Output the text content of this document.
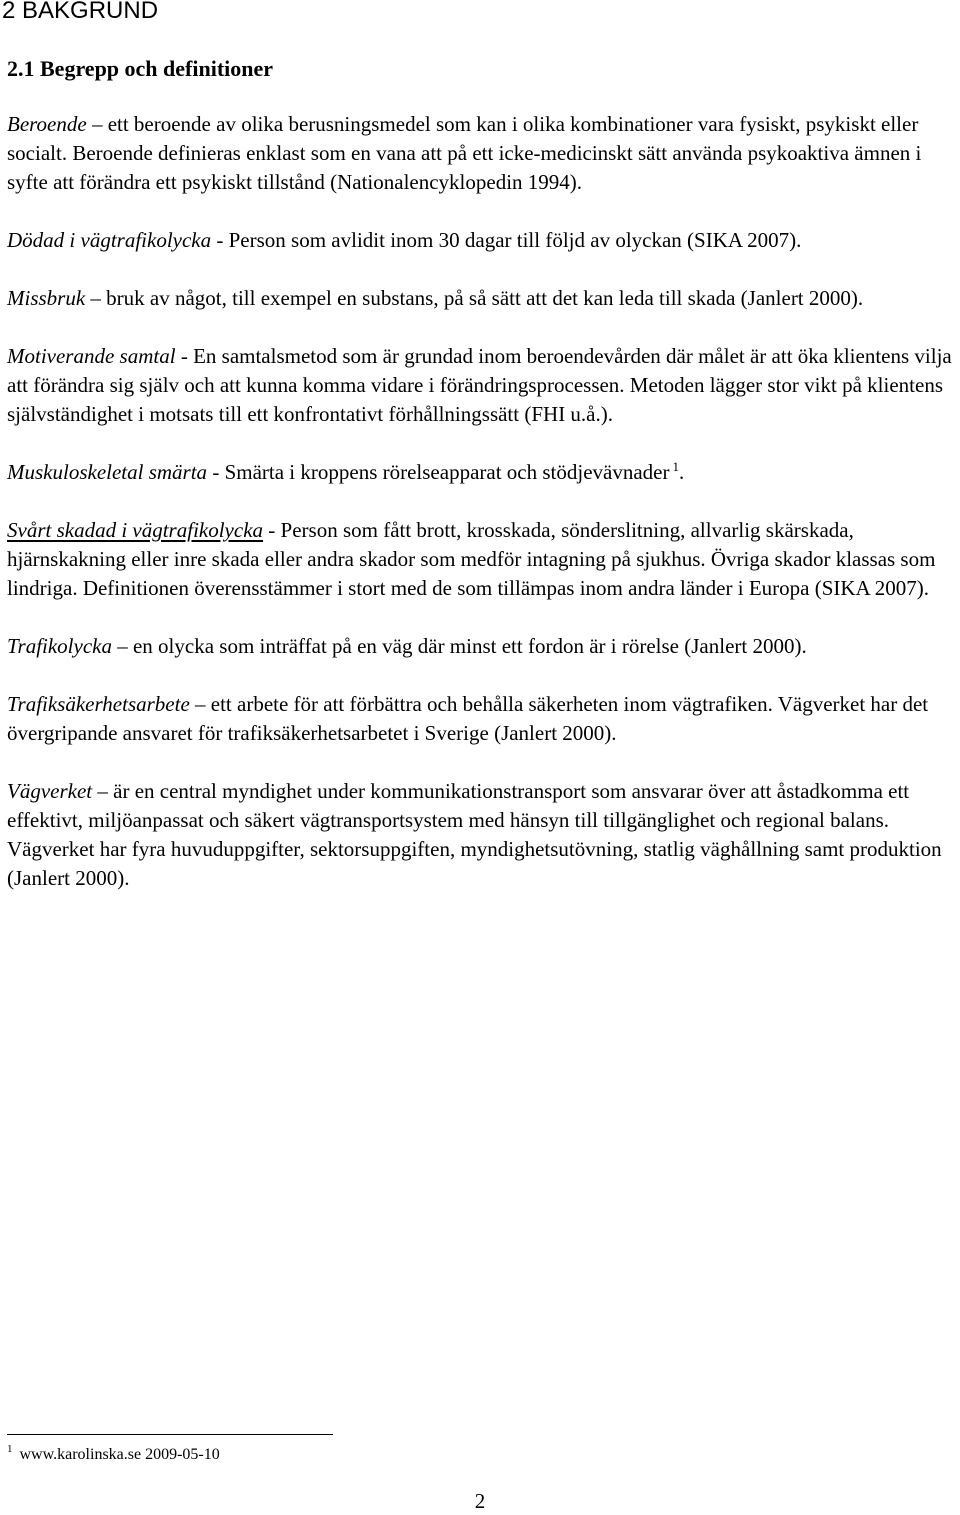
2 BAKGRUND
2.1 Begrepp och definitioner

Beroende – ett beroende av olika berusningsmedel som kan i olika kombinationer vara fysiskt, psykiskt eller socialt. Beroende definieras enklast som en vana att på ett icke-medicinskt sätt använda psykoaktiva ämnen i syfte att förändra ett psykiskt tillstånd (Nationalencyklopedin 1994).

Dödad i vägtrafikolycka - Person som avlidit inom 30 dagar till följd av olyckan (SIKA 2007).

Missbruk – bruk av något, till exempel en substans, på så sätt att det kan leda till skada (Janlert 2000).

Motiverande samtal - En samtalsmetod som är grundad inom beroendevården där målet är att öka klientens vilja att förändra sig själv och att kunna komma vidare i förändringsprocessen. Metoden lägger stor vikt på klientens självständighet i motsats till ett konfrontativt förhållningssätt (FHI u.å.).

Muskuloskeletal smärta - Smärta i kroppens rörelseapparat och stödjevävnader $^1$.

Svårt skadad i vägtrafikolycka - Person som fått brott, krosskada, sönderslitning, allvarlig skärskada, hjärnskakning eller inre skada eller andra skador som medför intagning på sjukhus. Övriga skador klassas som lindriga. Definitionen överensstämmer i stort med de som tillämpas inom andra länder i Europa (SIKA 2007).

Trafikolycka – en olycka som inträffat på en väg där minst ett fordon är i rörelse (Janlert 2000).

Trafiksäkerhetsarbete – ett arbete för att förbättra och behålla säkerheten inom vägtrafiken. Vägverket har det övergripande ansvaret för trafiksäkerhetsarbetet i Sverige (Janlert 2000).

Vägverket – är en central myndighet under kommunikationstransport som ansvarar över att åstadkomma ett effektivt, miljöanpassat och säkert vägtransportsystem med hänsyn till tillgänglighet och regional balans. Vägverket har fyra huvuduppgifter, sektorsuppgiften, myndighetsutövning, statlig väghållning samt produktion (Janlert 2000).

$^1$ www.karolinska.se 2009-05-10
2
